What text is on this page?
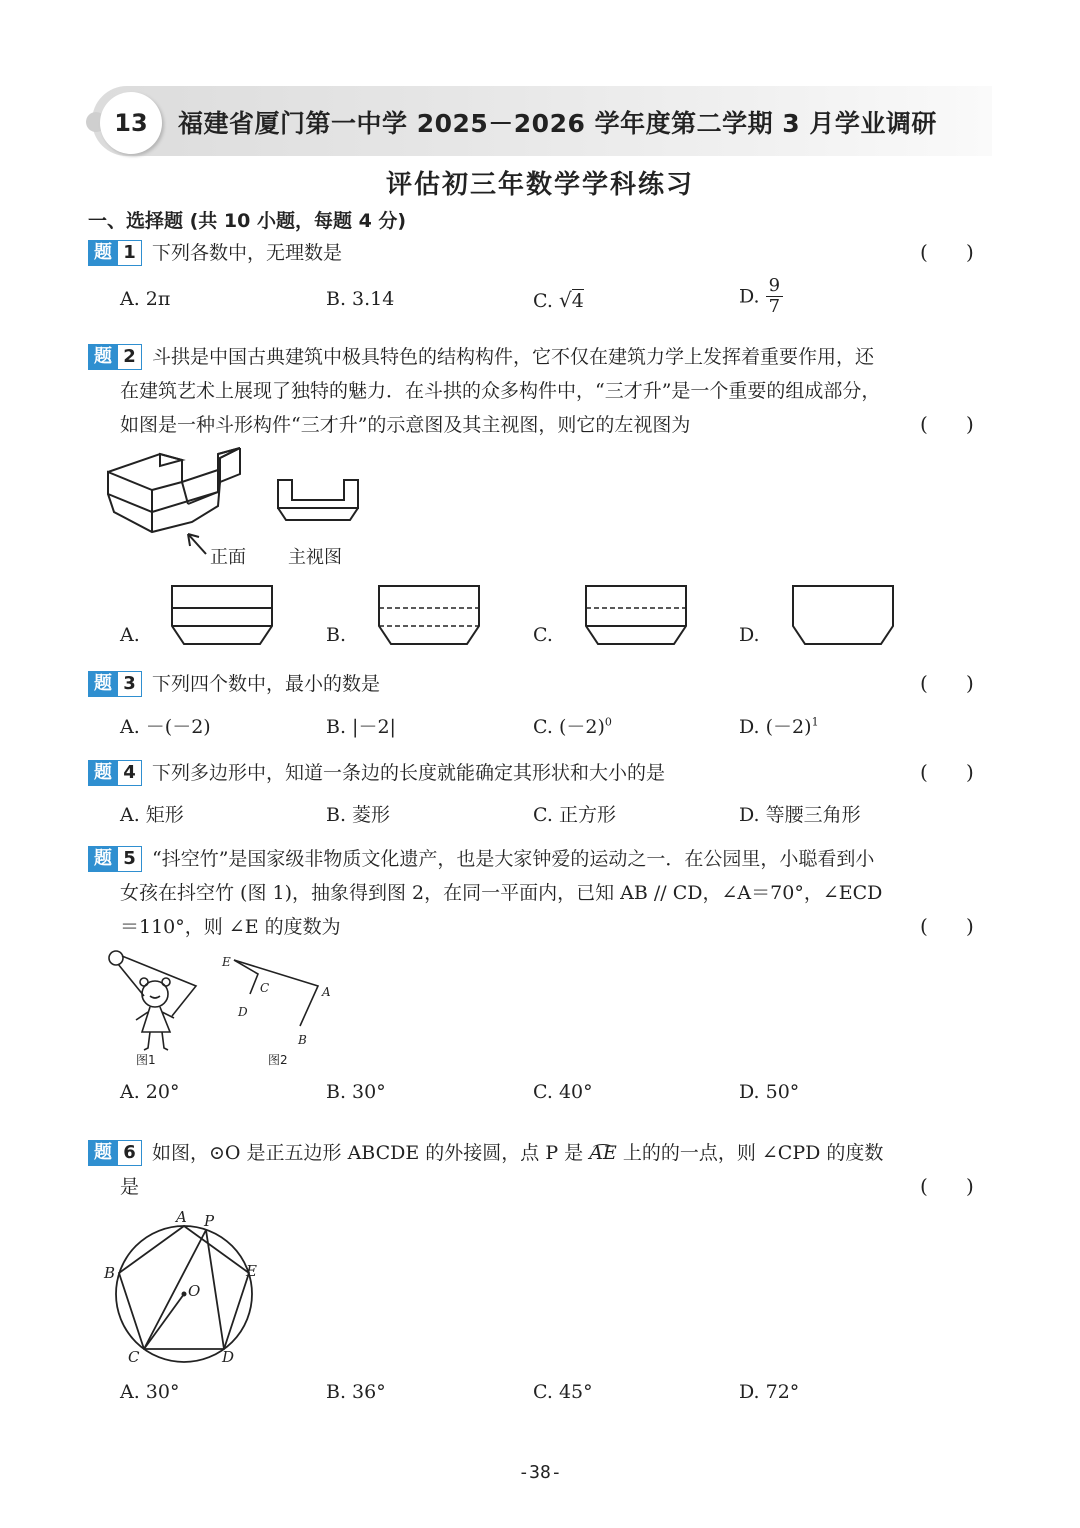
13	福建省厦门第一中学 2025－2026 学年度第二学期 3 月学业调研
评估初三年数学学科练习
一、选择题 (共 10 小题，每题 4 分)
题 1 下列各数中，无理数是	(      )
A. 2π	B. 3.14	C. √4	D. $\frac{9}{7}$
题 2 斗拱是中国古典建筑中极具特色的结构构件，它不仅在建筑力学上发挥着重要作用，还
在建筑艺术上展现了独特的魅力．在斗拱的众多构件中，“三才升”是一个重要的组成部分，
如图是一种斗形构件“三才升”的示意图及其主视图，则它的左视图为	(      )
正面 主视图
A.	B.	C.	D.
题 3 下列四个数中，最小的数是	(      )
A. －(－2)	B. |－2|	C. $(-2)^0$	D. $(-2)^1$
题 4 下列多边形中，知道一条边的长度就能确定其形状和大小的是	(      )
A. 矩形	B. 菱形	C. 正方形	D. 等腰三角形
题 5 “抖空竹”是国家级非物质文化遗产，也是大家钟爱的运动之一．在公园里，小聪看到小
女孩在抖空竹 (图 1)，抽象得到图 2，在同一平面内，已知 AB // CD，∠A＝70°，∠ECD
＝110°，则 ∠E 的度数为	(      )
E
C
D
A
B
图1	图2
A. 20°	B. 30°	C. 40°	D. 50°
题 6 如图，⊙O 是正五边形 ABCDE 的外接圆，点 P 是
AE 上的的一点，则 ∠CPD 的度数
是	(      )
A P
B	E
O
C	D
A. 30°	B. 36°	C. 45°	D. 72°
-38-
